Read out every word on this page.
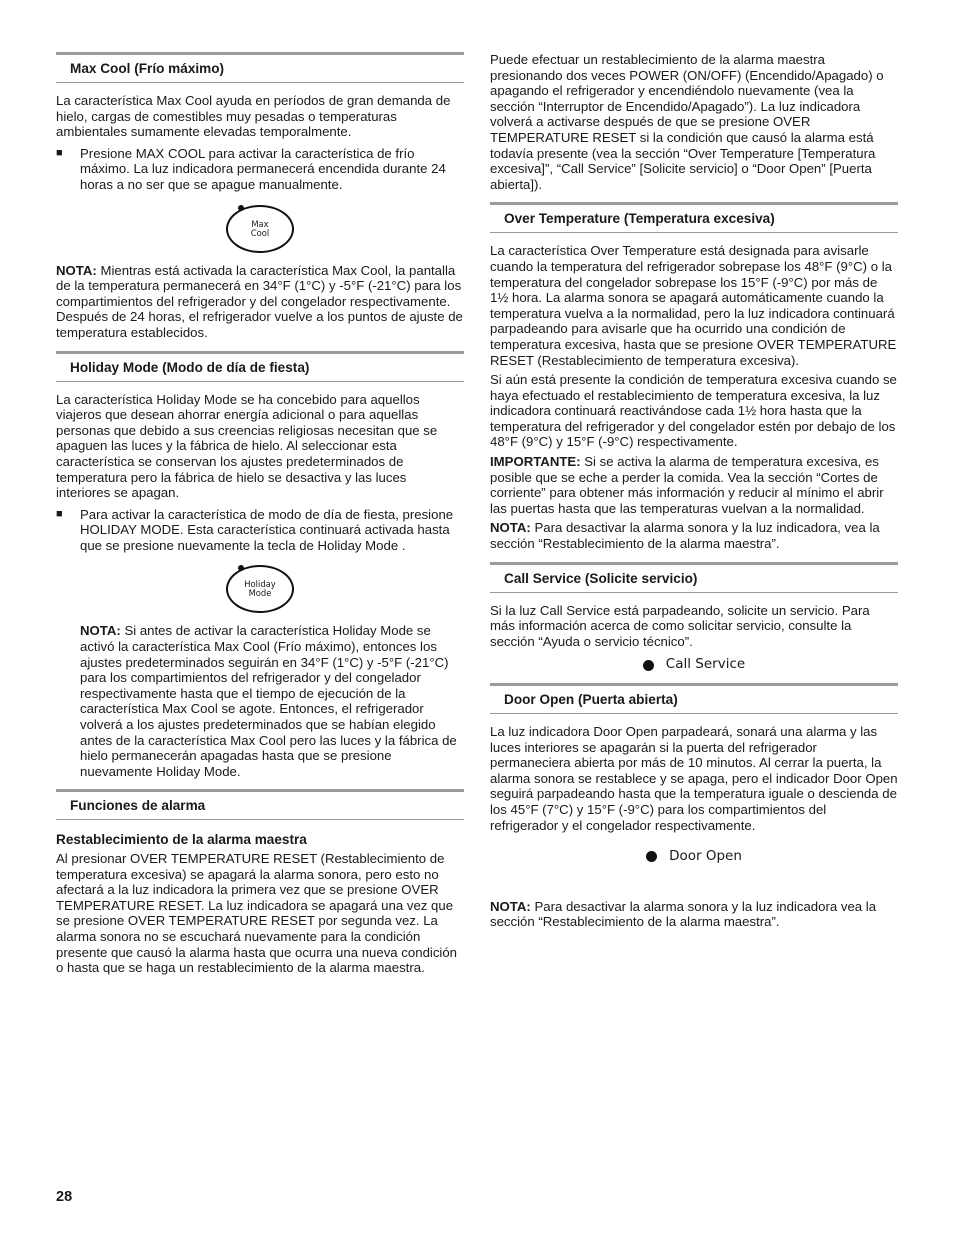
Max Cool (Frío máximo)

La característica Max Cool ayuda en períodos de gran demanda de hielo, cargas de comestibles muy pesadas o temperaturas ambientales sumamente elevadas temporalmente.

■	Presione MAX COOL para activar la característica de frío máximo. La luz indicadora permanecerá encendida durante 24 horas a no ser que se apague manualmente.
Max
Cool

NOTA: Mientras está activada la característica Max Cool, la pantalla de la temperatura permanecerá en 34°F (1°C) y -5°F (-21°C) para los compartimientos del refrigerador y del congelador respectivamente. Después de 24 horas, el refrigerador vuelve a los puntos de ajuste de temperatura establecidos.

Holiday Mode (Modo de día de fiesta)

La característica Holiday Mode se ha concebido para aquellos viajeros que desean ahorrar energía adicional o para aquellas personas que debido a sus creencias religiosas necesitan que se apaguen las luces y la fábrica de hielo. Al seleccionar esta característica se conservan los ajustes predeterminados de temperatura pero la fábrica de hielo se desactiva y las luces interiores se apagan.

■	Para activar la característica de modo de día de fiesta, presione HOLIDAY MODE. Esta característica continuará activada hasta que se presione nuevamente la tecla de Holiday Mode .
Holiday
Mode

NOTA: Si antes de activar la característica Holiday Mode se activó la característica Max Cool (Frío máximo), entonces los ajustes predeterminados seguirán en 34°F (1°C) y -5°F (-21°C) para los compartimientos del refrigerador y del congelador respectivamente hasta que el tiempo de ejecución de la característica Max Cool se agote. Entonces, el refrigerador volverá a los ajustes predeterminados que se habían elegido antes de la característica Max Cool pero las luces y la fábrica de hielo permanecerán apagadas hasta que se presione nuevamente Holiday Mode.

Funciones de alarma
Restablecimiento de la alarma maestra

Al presionar OVER TEMPERATURE RESET (Restablecimiento de temperatura excesiva) se apagará la alarma sonora, pero esto no afectará a la luz indicadora la primera vez que se presione OVER TEMPERATURE RESET. La luz indicadora se apagará una vez que se presione OVER TEMPERATURE RESET por segunda vez. La alarma sonora no se escuchará nuevamente para la condición presente que causó la alarma hasta que ocurra una nueva condición o hasta que se haga un restablecimiento de la alarma maestra.

Puede efectuar un restablecimiento de la alarma maestra presionando dos veces POWER (ON/OFF) (Encendido/Apagado) o apagando el refrigerador y encendiéndolo nuevamente (vea la sección “Interruptor de Encendido/Apagado”). La luz indicadora volverá a activarse después de que se presione OVER TEMPERATURE RESET si la condición que causó la alarma está todavía presente (vea la sección “Over Temperature [Temperatura excesiva]”, “Call Service” [Solicite servicio] o “Door Open” [Puerta abierta]).

Over Temperature (Temperatura excesiva)

La característica Over Temperature está designada para avisarle cuando la temperatura del refrigerador sobrepase los 48°F (9°C) o la temperatura del congelador sobrepase los 15°F (-9°C) por más de 1½ hora. La alarma sonora se apagará automáticamente cuando la temperatura vuelva a la normalidad, pero la luz indicadora continuará parpadeando para avisarle que ha ocurrido una condición de temperatura excesiva, hasta que se presione OVER TEMPERATURE RESET (Restablecimiento de temperatura excesiva).

Si aún está presente la condición de temperatura excesiva cuando se haya efectuado el restablecimiento de temperatura excesiva, la luz indicadora continuará reactivándose cada 1½ hora hasta que la temperatura del refrigerador y del congelador estén por debajo de los 48°F (9°C) y 15°F (-9°C) respectivamente.

IMPORTANTE: Si se activa la alarma de temperatura excesiva, es posible que se eche a perder la comida. Vea la sección “Cortes de corriente” para obtener más información y reducir al mínimo el abrir las puertas hasta que las temperaturas vuelvan a la normalidad.

NOTA: Para desactivar la alarma sonora y la luz indicadora, vea la sección “Restablecimiento de la alarma maestra”.

Call Service (Solicite servicio)

Si la luz Call Service está parpadeando, solicite un servicio. Para más información acerca de como solicitar servicio, consulte la sección “Ayuda o servicio técnico”.

Call Service
Door Open (Puerta abierta)

La luz indicadora Door Open parpadeará, sonará una alarma y las luces interiores se apagarán si la puerta del refrigerador permaneciera abierta por más de 10 minutos. Al cerrar la puerta, la alarma sonora se restablece y se apaga, pero el indicador Door Open seguirá parpadeando hasta que la temperatura iguale o descienda de los 45°F (7°C) y 15°F (-9°C) para los compartimientos del refrigerador y el congelador respectivamente.

Door Open

NOTA: Para desactivar la alarma sonora y la luz indicadora vea la sección “Restablecimiento de la alarma maestra”.

28
